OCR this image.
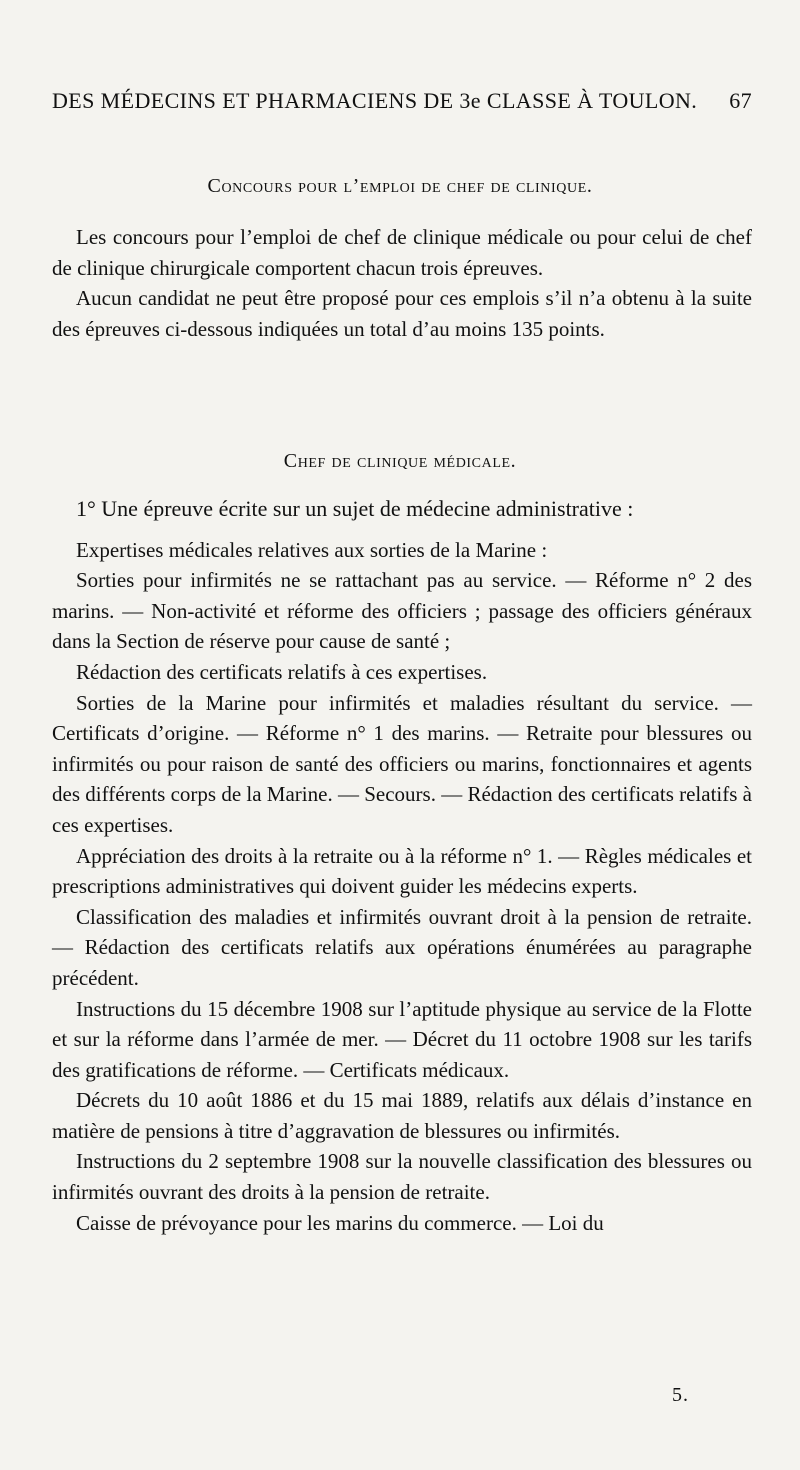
DES MÉDECINS ET PHARMACIENS DE 3e CLASSE À TOULON. 67
Concours pour l’emploi de chef de clinique.

Les concours pour l’emploi de chef de clinique médicale ou pour celui de chef de clinique chirurgicale comportent chacun trois épreuves.

Aucun candidat ne peut être proposé pour ces emplois s’il n’a obtenu à la suite des épreuves ci-dessous indiquées un total d’au moins 135 points.

Chef de clinique médicale.

1° Une épreuve écrite sur un sujet de médecine administrative :

Expertises médicales relatives aux sorties de la Marine :

Sorties pour infirmités ne se rattachant pas au service. — Réforme n° 2 des marins. — Non-activité et réforme des officiers ; passage des officiers généraux dans la Section de réserve pour cause de santé ;

Rédaction des certificats relatifs à ces expertises.

Sorties de la Marine pour infirmités et maladies résultant du service. — Certificats d’origine. — Réforme n° 1 des marins. — Retraite pour blessures ou infirmités ou pour raison de santé des officiers ou marins, fonctionnaires et agents des différents corps de la Marine. — Secours. — Rédaction des certificats relatifs à ces expertises.

Appréciation des droits à la retraite ou à la réforme n° 1. — Règles médicales et prescriptions administratives qui doivent guider les médecins experts.

Classification des maladies et infirmités ouvrant droit à la pension de retraite. — Rédaction des certificats relatifs aux opérations énumérées au paragraphe précédent.

Instructions du 15 décembre 1908 sur l’aptitude physique au service de la Flotte et sur la réforme dans l’armée de mer. — Décret du 11 octobre 1908 sur les tarifs des gratifications de réforme. — Certificats médicaux.

Décrets du 10 août 1886 et du 15 mai 1889, relatifs aux délais d’instance en matière de pensions à titre d’aggravation de blessures ou infirmités.

Instructions du 2 septembre 1908 sur la nouvelle classification des blessures ou infirmités ouvrant des droits à la pension de retraite.

Caisse de prévoyance pour les marins du commerce. — Loi du

5.
